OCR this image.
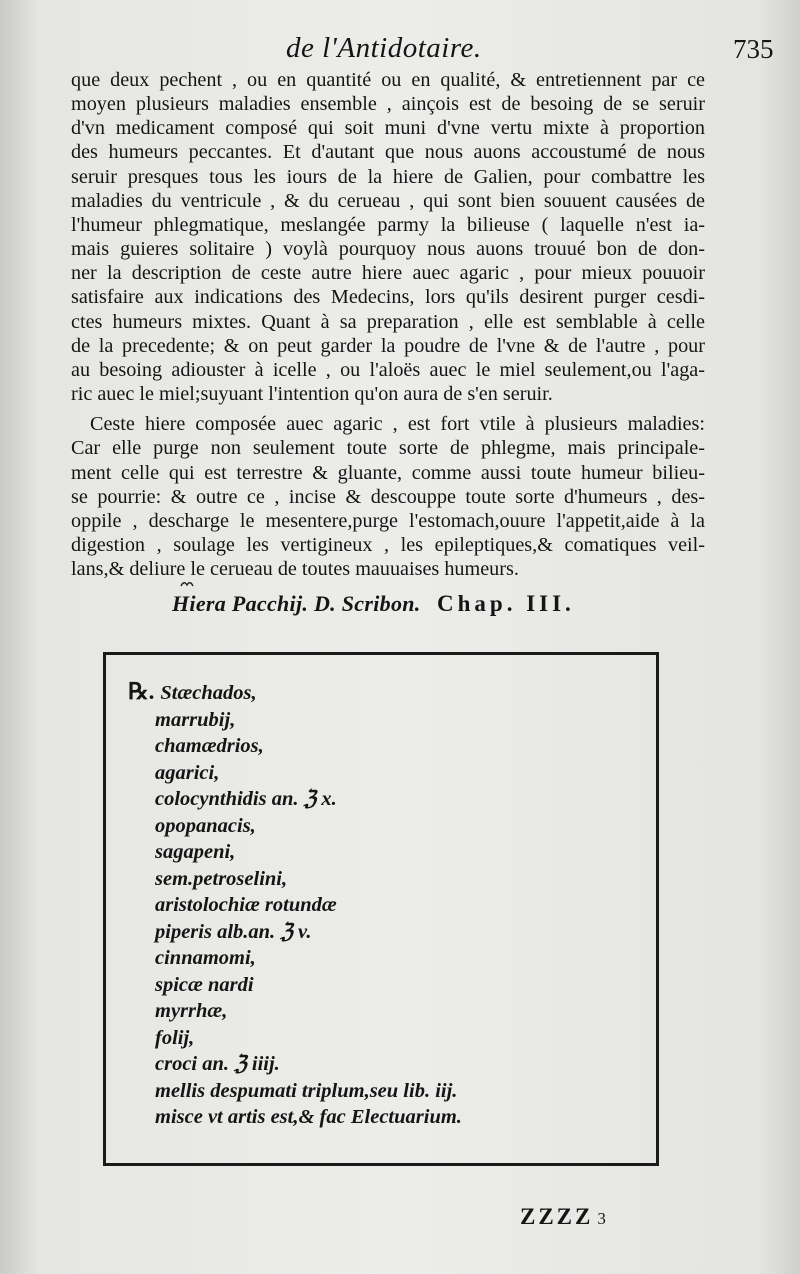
de l'Antidotaire.	735
que deux pechent , ou en quantité ou en qualité, & entretiennent par ce
moyen plusieurs maladies ensemble , ainçois est de besoing de se seruir
d'vn medicament composé qui soit muni d'vne vertu mixte à proportion
des humeurs peccantes. Et d'autant que nous auons accoustumé de nous
seruir presques tous les iours de la hiere de Galien, pour combattre les
maladies du ventricule , & du cerueau , qui sont bien souuent causées de
l'humeur phlegmatique, meslangée parmy la bilieuse ( laquelle n'est ia-
mais guieres solitaire ) voylà pourquoy nous auons trouué bon de don-
ner la description de ceste autre hiere auec agaric , pour mieux pouuoir
satisfaire aux indications des Medecins, lors qu'ils desirent purger cesdi-
ctes humeurs mixtes. Quant à sa preparation , elle est semblable à celle
de la precedente; & on peut garder la poudre de l'vne & de l'autre , pour
au besoing adiouster à icelle , ou l'aloës auec le miel seulement,ou l'aga-
ric auec le miel;suyuant l'intention qu'on aura de s'en seruir.
Ceste hiere composée auec agaric , est fort vtile à plusieurs maladies:
Car elle purge non seulement toute sorte de phlegme, mais principale-
ment celle qui est terrestre & gluante, comme aussi toute humeur bilieu-
se pourrie: & outre ce , incise & descouppe toute sorte d'humeurs , des-
oppile , descharge le mesentere,purge l'estomach,ouure l'appetit,aide à la
digestion , soulage les vertigineux , les epileptiques,& comatiques veil-
lans,& deliure le cerueau de toutes mauuaises humeurs.
Hiera Pacchij. D. Scribon. Chap. III.
℞. Stæchados,
marrubij,
chamædrios,
agarici,
colocynthidis an. ℨ x.
opopanacis,
sagapeni,
sem.petroselini,
aristolochiæ rotundæ
piperis alb.an. ℨ v.
cinnamomi,
spicæ nardi
myrrhæ,
folij,
croci an. ℨ iiij.
mellis despumati triplum,seu lib. iij.
misce vt artis est,& fac Electuarium.
ZZZZ 3
